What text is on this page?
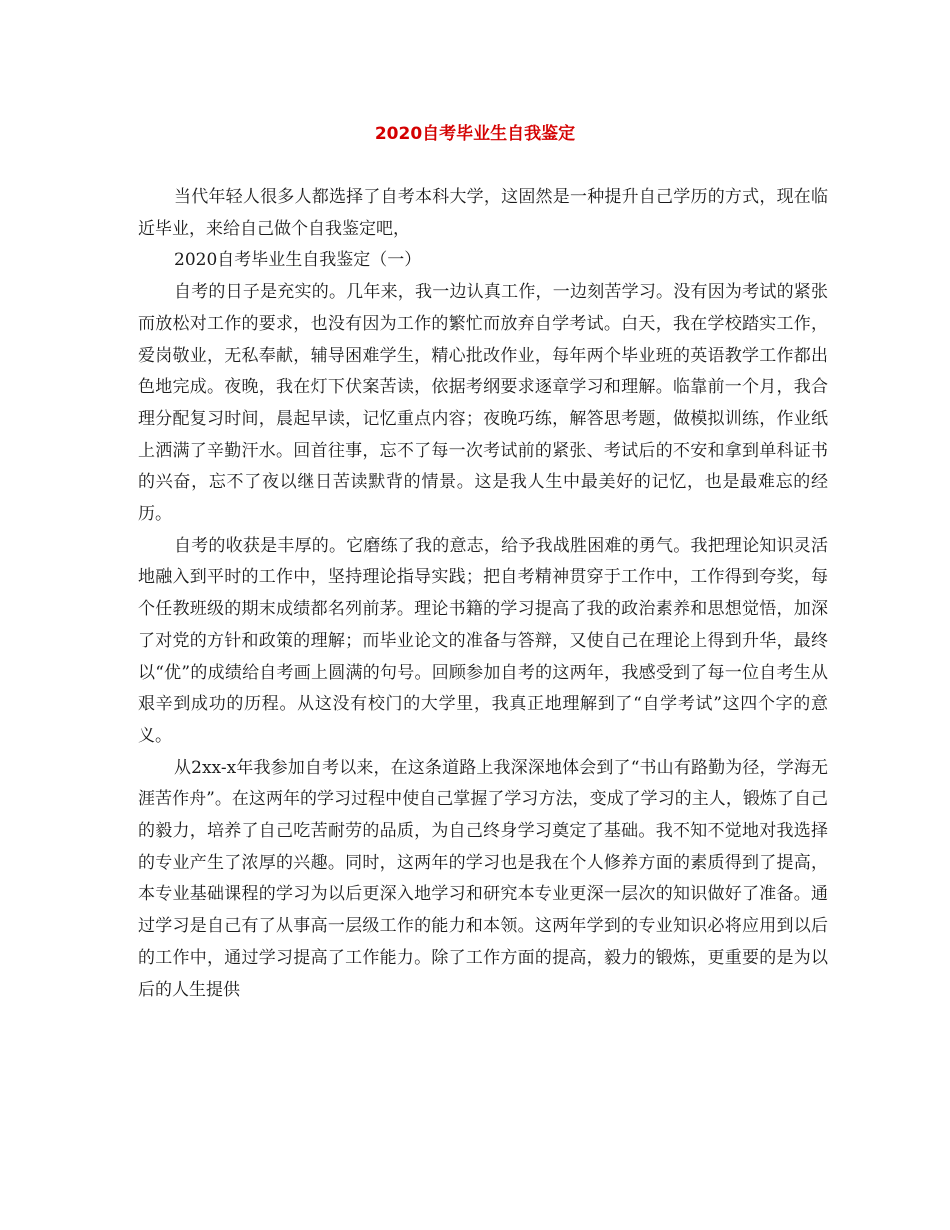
2020自考毕业生自我鉴定

当代年轻人很多人都选择了自考本科大学，这固然是一种提升自己学历的方式，现在临近毕业，来给自己做个自我鉴定吧，

2020自考毕业生自我鉴定（一）

自考的日子是充实的。几年来，我一边认真工作，一边刻苦学习。没有因为考试的紧张而放松对工作的要求，也没有因为工作的繁忙而放弃自学考试。白天，我在学校踏实工作，爱岗敬业，无私奉献，辅导困难学生，精心批改作业，每年两个毕业班的英语教学工作都出色地完成。夜晚，我在灯下伏案苦读，依据考纲要求逐章学习和理解。临靠前一个月，我合理分配复习时间，晨起早读，记忆重点内容；夜晚巧练，解答思考题，做模拟训练，作业纸上洒满了辛勤汗水。回首往事，忘不了每一次考试前的紧张、考试后的不安和拿到单科证书的兴奋，忘不了夜以继日苦读默背的情景。这是我人生中最美好的记忆，也是最难忘的经历。

自考的收获是丰厚的。它磨练了我的意志，给予我战胜困难的勇气。我把理论知识灵活地融入到平时的工作中，坚持理论指导实践；把自考精神贯穿于工作中，工作得到夸奖，每个任教班级的期末成绩都名列前茅。理论书籍的学习提高了我的政治素养和思想觉悟，加深了对党的方针和政策的理解；而毕业论文的准备与答辩，又使自己在理论上得到升华，最终以“优”的成绩给自考画上圆满的句号。回顾参加自考的这两年，我感受到了每一位自考生从艰辛到成功的历程。从这没有校门的大学里，我真正地理解到了“自学考试”这四个字的意义。

从2xx-x年我参加自考以来，在这条道路上我深深地体会到了“书山有路勤为径，学海无涯苦作舟”。在这两年的学习过程中使自己掌握了学习方法，变成了学习的主人，锻炼了自己的毅力，培养了自己吃苦耐劳的品质，为自己终身学习奠定了基础。我不知不觉地对我选择的专业产生了浓厚的兴趣。同时，这两年的学习也是我在个人修养方面的素质得到了提高，本专业基础课程的学习为以后更深入地学习和研究本专业更深一层次的知识做好了准备。通过学习是自己有了从事高一层级工作的能力和本领。这两年学到的专业知识必将应用到以后的工作中，通过学习提高了工作能力。除了工作方面的提高，毅力的锻炼，更重要的是为以后的人生提供
